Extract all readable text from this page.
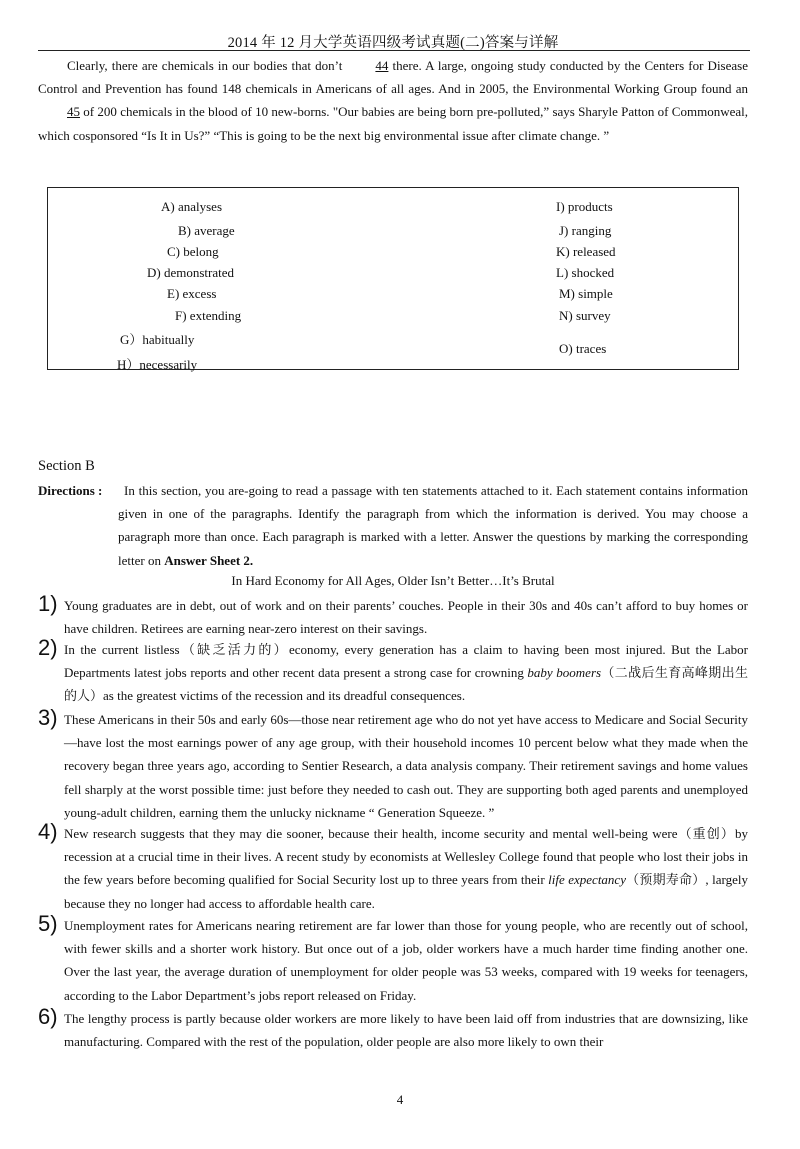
2014 年 12 月大学英语四级考试真题(二)答案与详解

Clearly, there are chemicals in our bodies that don’t 44 there. A large, ongoing study conducted by the Centers for Disease Control and Prevention has found 148 chemicals in Americans of all ages. And in 2005, the Environmental Working Group found an 45 of 200 chemicals in the blood of 10 new-borns. "Our babies are being born pre-polluted,” says Sharyle Patton of Commonweal, which cosponsored “Is It in Us?” “This is going to be the next big environmental issue after climate change. ”

A) analyses
B) average
C) belong
D) demonstrated
E) excess
F) extending
G）habitually
H）necessarily
I) products
J) ranging
K) released
L) shocked
M) simple
N) survey
O) traces
Section B
Directions :	In this section, you are-going to read a passage with ten statements attached to it. Each statement contains information given in one of the paragraphs. Identify the paragraph from which the information is derived. You may choose a paragraph more than once. Each paragraph is marked with a letter. Answer the questions by marking the corresponding letter on Answer Sheet 2.

In Hard Economy for All Ages, Older Isn’t Better…It’s Brutal
1) Young graduates are in debt, out of work and on their parents’ couches. People in their 30s and 40s can’t afford to buy homes or have children. Retirees are earning near-zero interest on their savings.

2) In the current listless（缺乏活力的）economy, every generation has a claim to having been most injured. But the Labor Departments latest jobs reports and other recent data present a strong case for crowning baby boomers（二战后生育高峰期出生的人）as the greatest victims of the recession and its dreadful consequences.

3) These Americans in their 50s and early 60s—those near retirement age who do not yet have access to Medicare and Social Security—have lost the most earnings power of any age group, with their household incomes 10 percent below what they made when the recovery began three years ago, according to Sentier Research, a data analysis company. Their retirement savings and home values fell sharply at the worst possible time: just before they needed to cash out. They are supporting both aged parents and unemployed young-adult children, earning them the unlucky nickname “ Generation Squeeze. ”

4) New research suggests that they may die sooner, because their health, income security and mental well-being were（重创）by recession at a crucial time in their lives. A recent study by economists at Wellesley College found that people who lost their jobs in the few years before becoming qualified for Social Security lost up to three years from their life expectancy（预期寿命）, largely because they no longer had access to affordable health care.

5) Unemployment rates for Americans nearing retirement are far lower than those for young people, who are recently out of school, with fewer skills and a shorter work history. But once out of a job, older workers have a much harder time finding another one. Over the last year, the average duration of unemployment for older people was 53 weeks, compared with 19 weeks for teenagers, according to the Labor Department’s jobs report released on Friday.

6) The lengthy process is partly because older workers are more likely to have been laid off from industries that are downsizing, like manufacturing. Compared with the rest of the population, older people are also more likely to own their

4
